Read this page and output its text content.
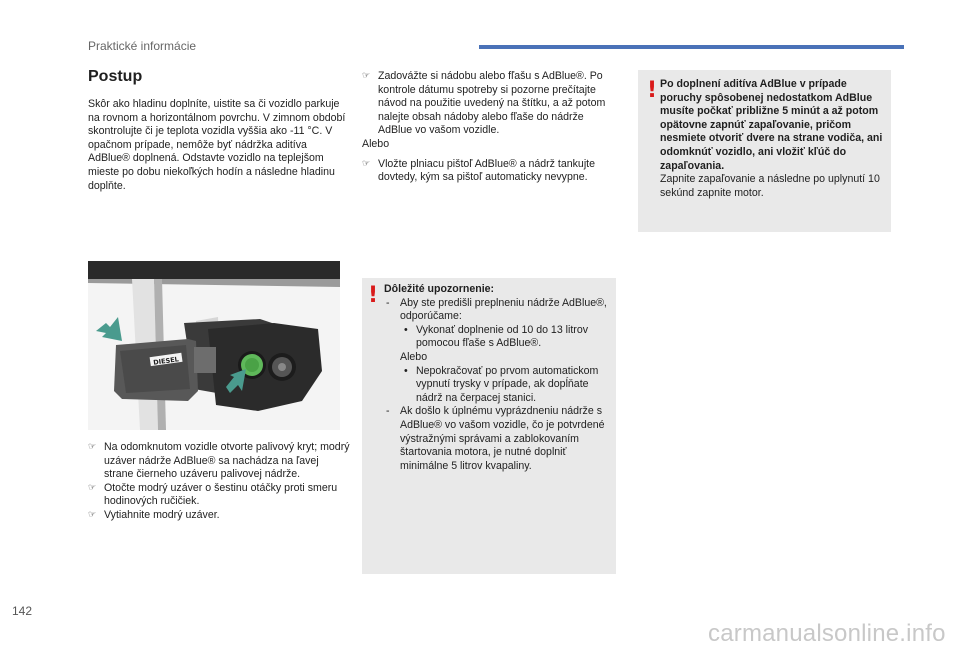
Praktické informácie
Postup

Skôr ako hladinu doplníte, uistite sa či vozidlo parkuje na rovnom a horizontálnom povrchu. V zimnom období skontrolujte či je teplota vozidla vyššia ako -11 °C. V opačnom prípade, nemôže byť nádržka aditíva AdBlue® doplnená. Odstavte vozidlo na teplejšom mieste po dobu niekoľkých hodín a následne hladinu doplňte.

☞ Zadovážte si nádobu alebo fľašu s AdBlue®. Po kontrole dátumu spotreby si pozorne prečítajte návod na použitie uvedený na štítku, a až potom nalejte obsah nádoby alebo fľaše do nádrže AdBlue vo vašom vozidle.
Alebo
☞ Vložte plniacu pištoľ AdBlue® a nádrž tankujte dovtedy, kým sa pištoľ automaticky nevypne.
! Po doplnení aditíva AdBlue v prípade poruchy spôsobenej nedostatkom AdBlue musíte počkať približne 5 minút a až potom opätovne zapnúť zapaľovanie, pričom nesmiete otvoriť dvere na strane vodiča, ani odomknúť vozidlo, ani vložiť kľúč do zapaľovania.
Zapnite zapaľovanie a následne po uplynutí 10 sekúnd zapnite motor.
DIESEL
☞ Na odomknutom vozidle otvorte palivový kryt; modrý uzáver nádrže AdBlue® sa nachádza na ľavej strane čierneho uzáveru palivovej nádrže.
☞ Otočte modrý uzáver o šestinu otáčky proti smeru hodinových ručičiek.
☞ Vytiahnite modrý uzáver.
! Dôležité upozornenie:
- Aby ste predišli preplneniu nádrže AdBlue®, odporúčame:
• Vykonať doplnenie od 10 do 13 litrov pomocou fľaše s AdBlue®.
Alebo
• Nepokračovať po prvom automatickom vypnutí trysky v prípade, ak dopĺňate nádrž na čerpacej stanici.
- Ak došlo k úplnému vyprázdneniu nádrže s AdBlue® vo vašom vozidle, čo je potvrdené výstražnými správami a zablokovaním štartovania motora, je nutné doplniť minimálne 5 litrov kvapaliny.
142
carmanualsonline.info
